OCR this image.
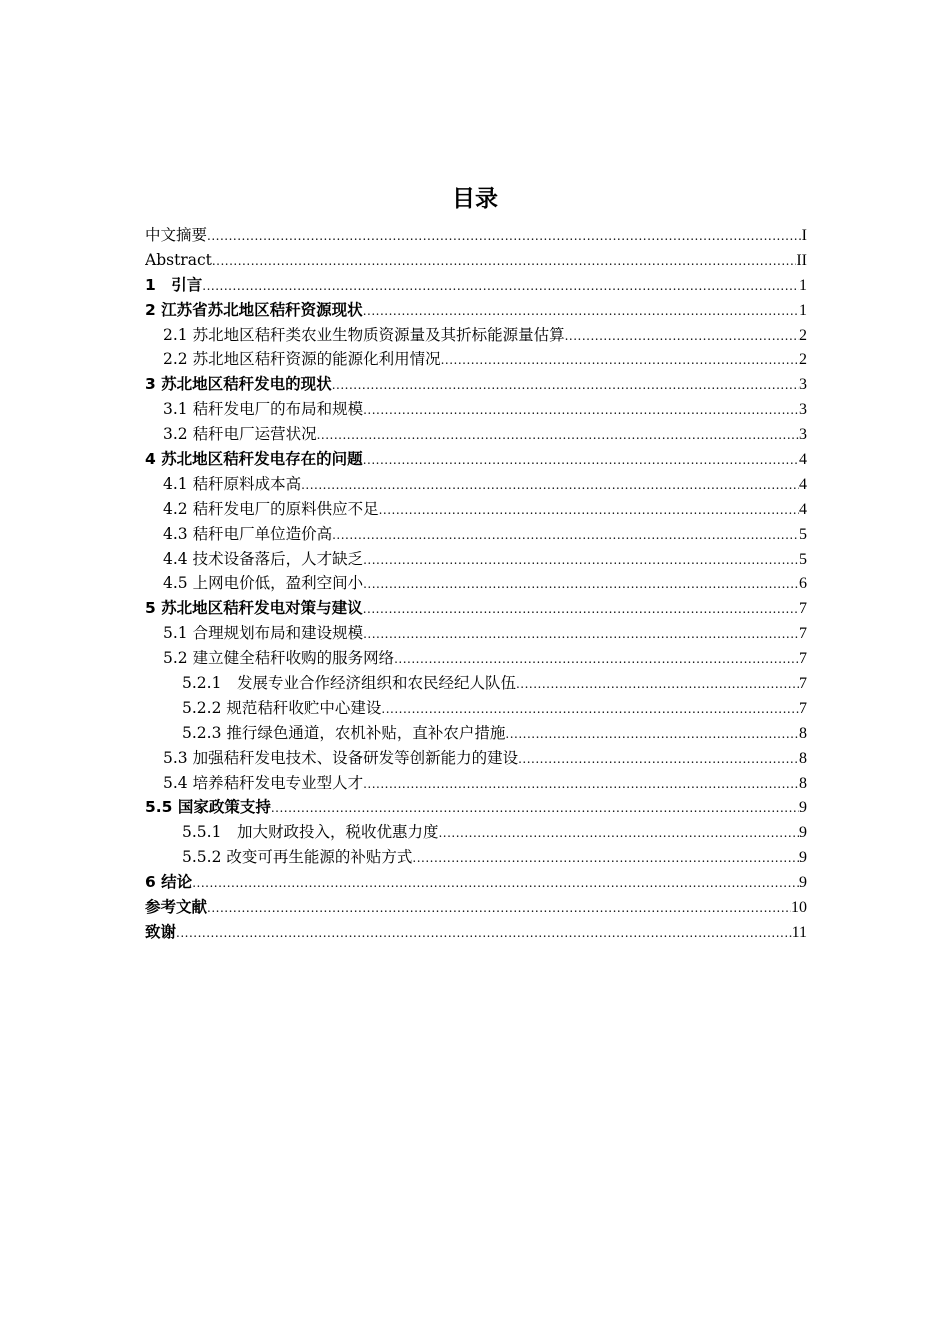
目录
中文摘要 .....	I
Abstract .....	II
1　引言 .....	1
2 江苏省苏北地区秸秆资源现状 .....	1
2.1 苏北地区秸秆类农业生物质资源量及其折标能源量估算 .....	2
2.2 苏北地区秸秆资源的能源化利用情况 .....	2
3 苏北地区秸秆发电的现状 .....	3
3.1 秸秆发电厂的布局和规模 .....	3
3.2 秸秆电厂运营状况 .....	3
4 苏北地区秸秆发电存在的问题 .....	4
4.1 秸秆原料成本高 .....	4
4.2 秸秆发电厂的原料供应不足 .....	4
4.3 秸秆电厂单位造价高 .....	5
4.4 技术设备落后，人才缺乏 .....	5
4.5 上网电价低，盈利空间小 .....	6
5 苏北地区秸秆发电对策与建议 .....	7
5.1 合理规划布局和建设规模 .....	7
5.2 建立健全秸秆收购的服务网络 .....	7
5.2.1　发展专业合作经济组织和农民经纪人队伍 .....	7
5.2.2 规范秸秆收贮中心建设 .....	7
5.2.3 推行绿色通道，农机补贴，直补农户措施 .....	8
5.3 加强秸秆发电技术、设备研发等创新能力的建设 .....	8
5.4 培养秸秆发电专业型人才 .....	8
5.5 国家政策支持 .....	9
5.5.1　加大财政投入，税收优惠力度 .....	9
5.5.2 改变可再生能源的补贴方式 .....	9
6 结论 .....	9
参考文献 .....	10
致谢 .....	11
